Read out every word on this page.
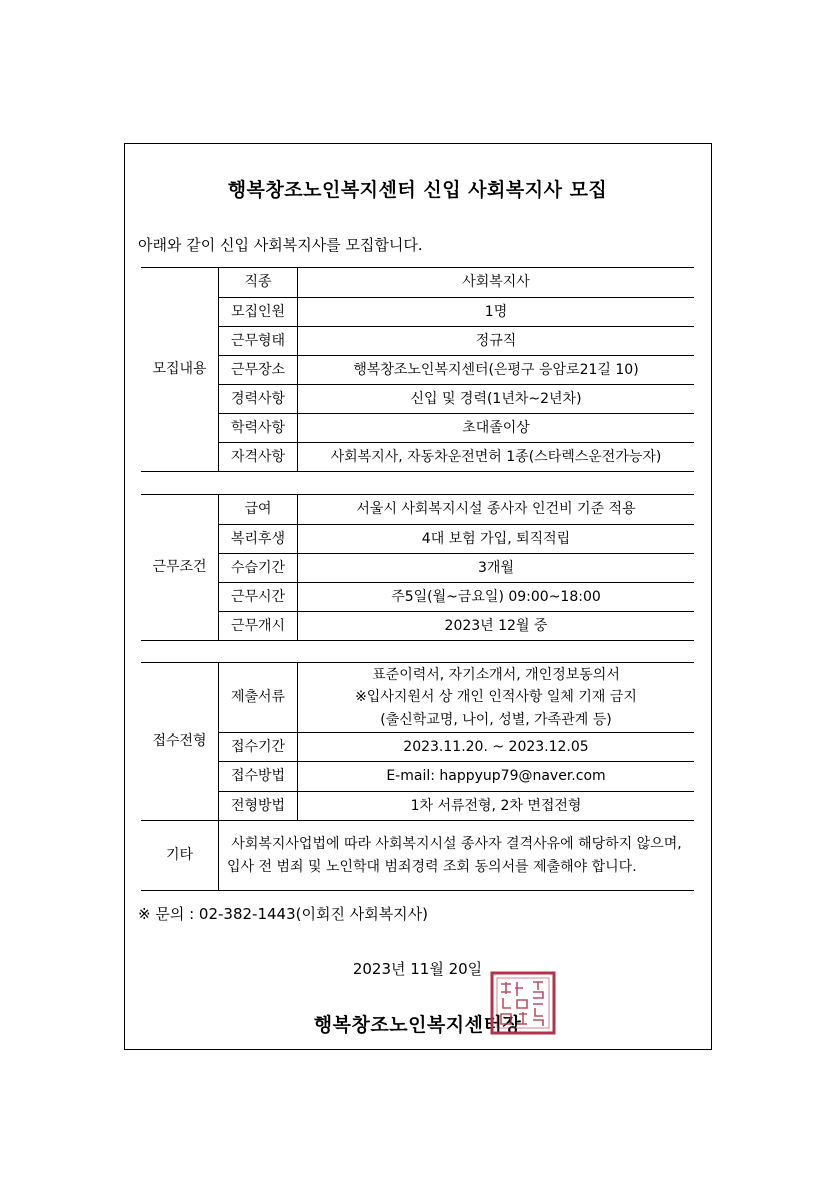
행복창조노인복지센터 신입 사회복지사 모집
아래와 같이 신입 사회복지사를 모집합니다.
모집내용	직종	사회복지사
	모집인원	1명
	근무형태	정규직
	근무장소	행복창조노인복지센터(은평구 응암로21길 10)
	경력사항	신입 및 경력(1년차~2년차)
	학력사항	초대졸이상
	자격사항	사회복지사, 자동차운전면허 1종(스타렉스운전가능자)
근무조건	급여	서울시 사회복지시설 종사자 인건비 기준 적용
	복리후생	4대 보험 가입, 퇴직적립
	수습기간	3개월
	근무시간	주5일(월~금요일) 09:00~18:00
	근무개시	2023년 12월 중
접수전형	제출서류	표준이력서, 자기소개서, 개인정보동의서
※입사지원서 상 개인 인적사항 일체 기재 금지
(출신학교명, 나이, 성별, 가족관계 등)

	접수기간	2023.11.20. ~ 2023.12.05
	접수방법	E-mail: happyup79@naver.com
	전형방법	1차 서류전형, 2차 면접전형
기타	사회복지사업법에 따라 사회복지시설 종사자 결격사유에 해당하지 않으며, 입사 전 범죄 및 노인학대 범죄경력 조회 동의서를 제출해야 합니다.	
※ 문의 : 02-382-1443(이회진 사회복지사)
2023년 11월 20일
행복창조노인복지센터장
